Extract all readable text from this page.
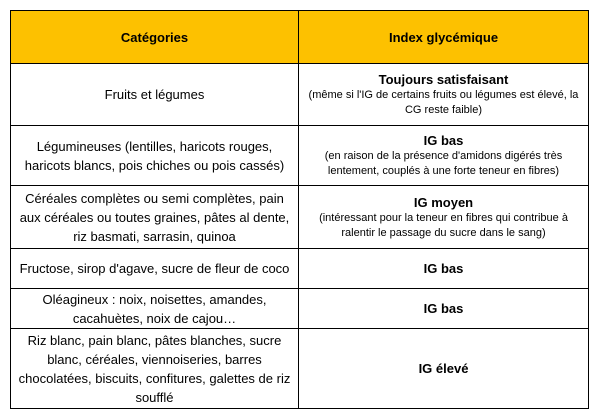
Catégories	Index glycémique
Fruits et légumes	Toujours satisfaisant
(même si l'IG de certains fruits ou légumes est élevé, la CG reste faible)

Légumineuses (lentilles, haricots rouges, haricots blancs, pois chiches ou pois cassés)	IG bas
(en raison de la présence d'amidons digérés très lentement, couplés à une forte teneur en fibres)

Céréales complètes ou semi complètes, pain aux céréales ou toutes graines, pâtes al dente, riz basmati, sarrasin, quinoa	IG moyen
(intéressant pour la teneur en fibres qui contribue à ralentir le passage du sucre dans le sang)

Fructose, sirop d'agave, sucre de fleur de coco	IG bas

Oléagineux : noix, noisettes, amandes, cacahuètes, noix de cajou…	IG bas

Riz blanc, pain blanc, pâtes blanches, sucre blanc, céréales, viennoiseries, barres chocolatées, biscuits, confitures, galettes de riz soufflé	IG élevé
